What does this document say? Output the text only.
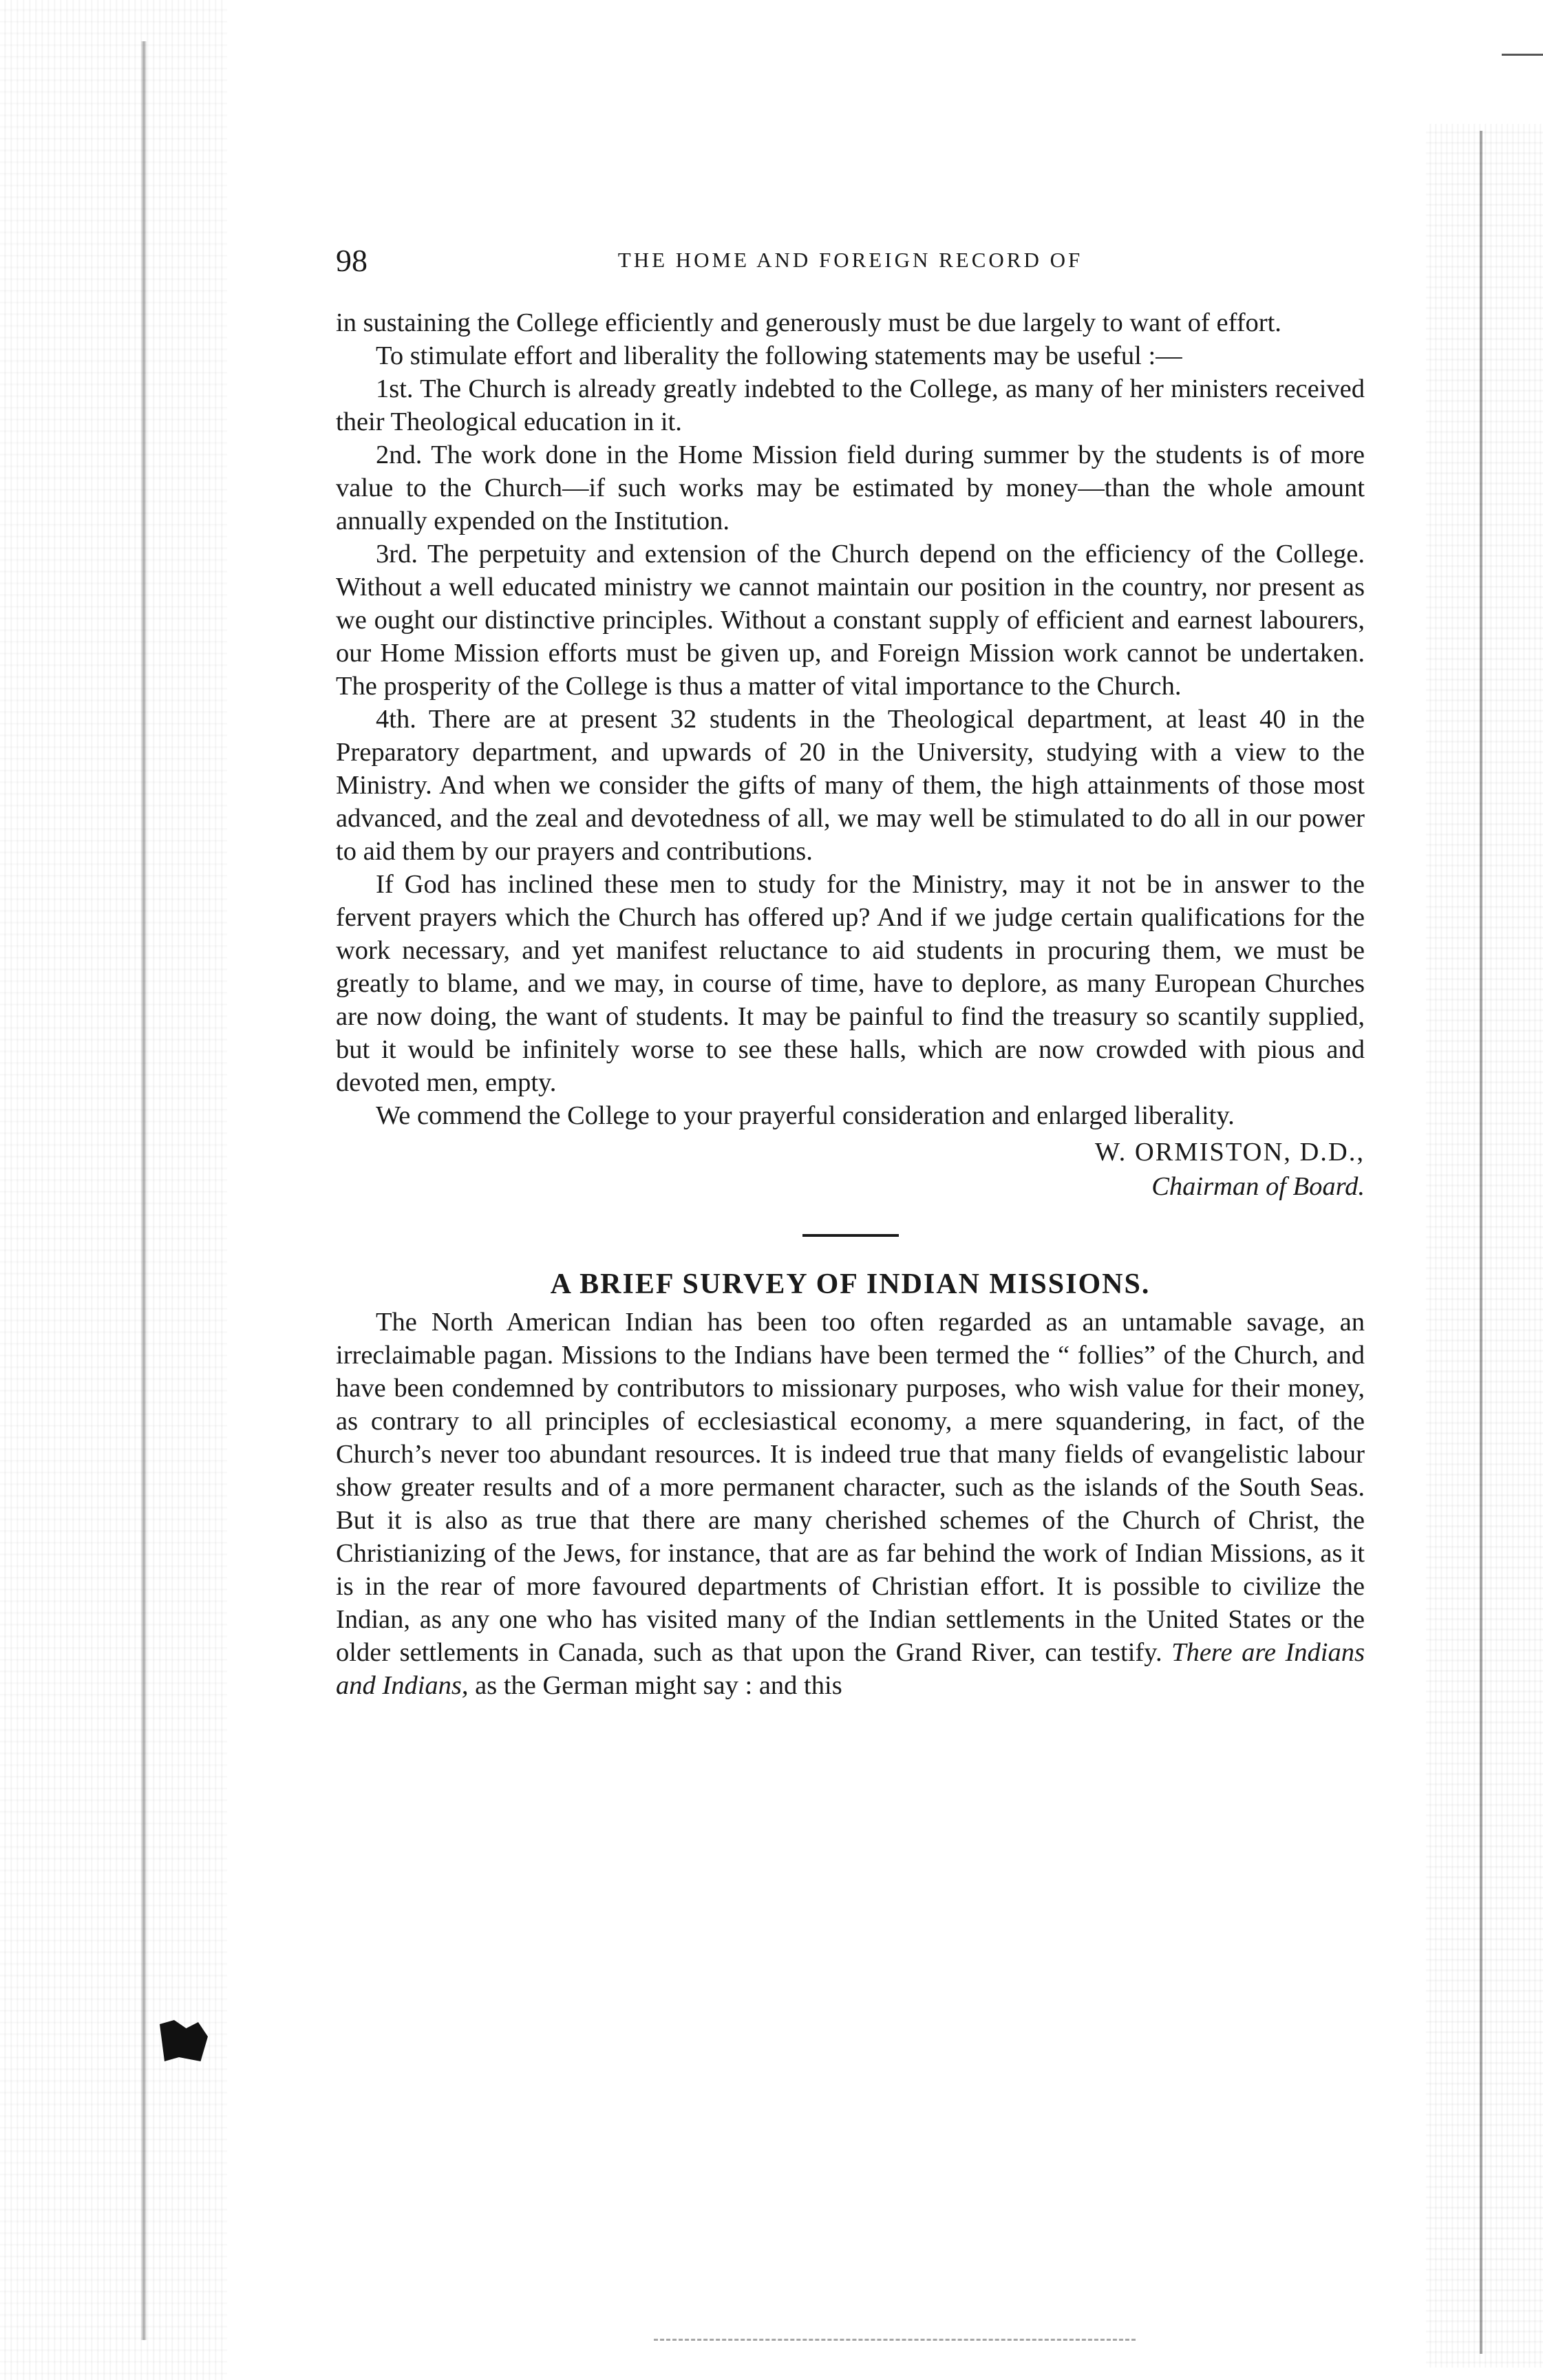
98	THE HOME AND FOREIGN RECORD OF

in sustaining the College efficiently and generously must be due largely to want of effort.

To stimulate effort and liberality the following statements may be useful :—

1st. The Church is already greatly indebted to the College, as many of her ministers received their Theological education in it.

2nd. The work done in the Home Mission field during summer by the students is of more value to the Church—if such works may be estimated by money—than the whole amount annually expended on the Institution.

3rd. The perpetuity and extension of the Church depend on the efficiency of the College. Without a well educated ministry we cannot maintain our position in the country, nor present as we ought our distinctive principles. Without a constant supply of efficient and earnest labourers, our Home Mission efforts must be given up, and Foreign Mission work cannot be undertaken. The prosperity of the College is thus a matter of vital importance to the Church.

4th. There are at present 32 students in the Theological department, at least 40 in the Preparatory department, and upwards of 20 in the University, studying with a view to the Ministry. And when we consider the gifts of many of them, the high attainments of those most advanced, and the zeal and devotedness of all, we may well be stimulated to do all in our power to aid them by our prayers and contributions.

If God has inclined these men to study for the Ministry, may it not be in answer to the fervent prayers which the Church has offered up? And if we judge certain qualifications for the work necessary, and yet manifest reluctance to aid students in procuring them, we must be greatly to blame, and we may, in course of time, have to deplore, as many European Churches are now doing, the want of students. It may be painful to find the treasury so scantily supplied, but it would be infinitely worse to see these halls, which are now crowded with pious and devoted men, empty.

We commend the College to your prayerful consideration and enlarged liberality.

W. ORMISTON, D.D.,
Chairman of Board.
A BRIEF SURVEY OF INDIAN MISSIONS.

The North American Indian has been too often regarded as an untamable savage, an irreclaimable pagan. Missions to the Indians have been termed the “ follies” of the Church, and have been condemned by contributors to missionary purposes, who wish value for their money, as contrary to all principles of ecclesiastical economy, a mere squandering, in fact, of the Church’s never too abundant resources. It is indeed true that many fields of evangelistic labour show greater results and of a more permanent character, such as the islands of the South Seas. But it is also as true that there are many cherished schemes of the Church of Christ, the Christianizing of the Jews, for instance, that are as far behind the work of Indian Missions, as it is in the rear of more favoured departments of Christian effort. It is possible to civilize the Indian, as any one who has visited many of the Indian settlements in the United States or the older settlements in Canada, such as that upon the Grand River, can testify. There are Indians and Indians, as the German might say : and this
